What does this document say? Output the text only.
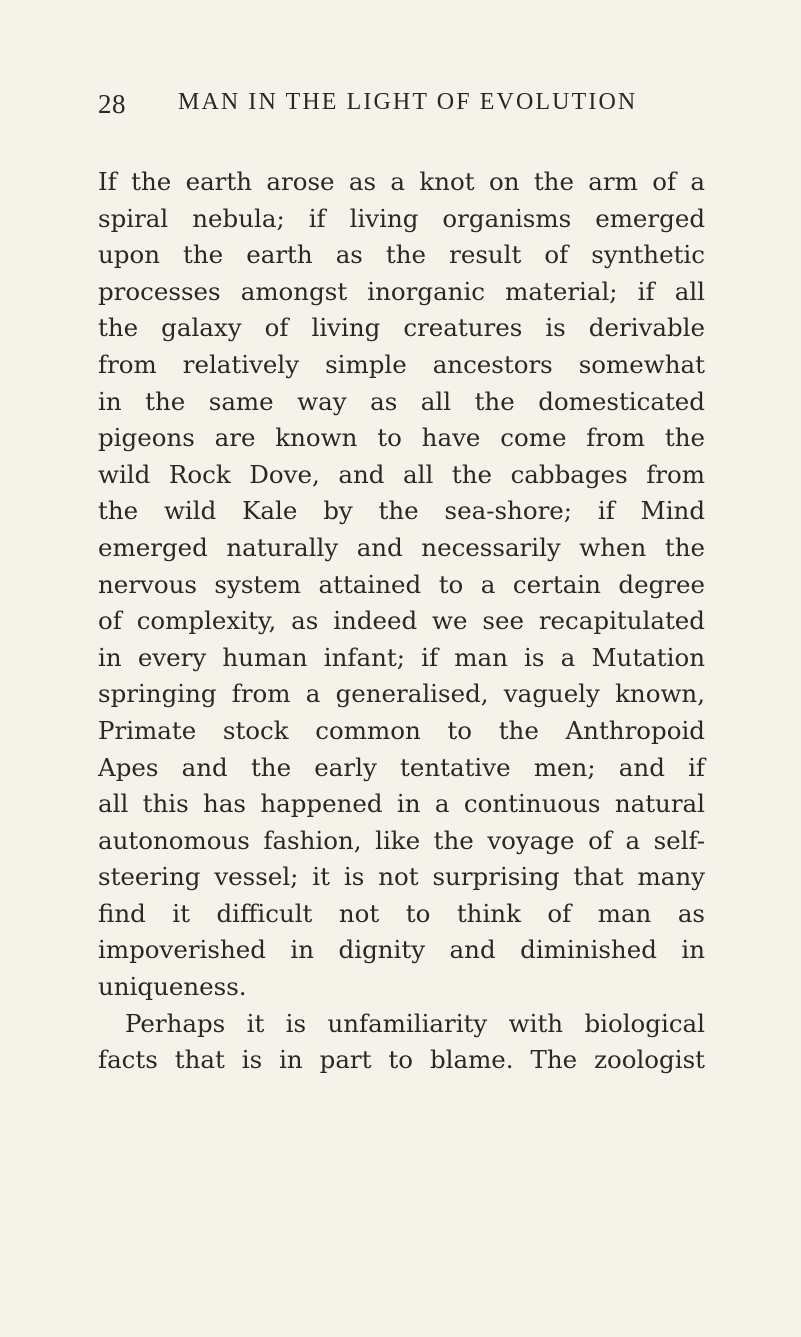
28 MAN IN THE LIGHT OF EVOLUTION
If the earth arose as a knot on the arm of a
spiral nebula; if living organisms emerged
upon the earth as the result of synthetic
processes amongst inorganic material; if all
the galaxy of living creatures is derivable
from relatively simple ancestors somewhat
in the same way as all the domesticated
pigeons are known to have come from the
wild Rock Dove, and all the cabbages from
the wild Kale by the sea-shore; if Mind
emerged naturally and necessarily when the
nervous system attained to a certain degree
of complexity, as indeed we see recapitulated
in every human infant; if man is a Mutation
springing from a generalised, vaguely known,
Primate stock common to the Anthropoid
Apes and the early tentative men; and if
all this has happened in a continuous natural
autonomous fashion, like the voyage of a self-
steering vessel; it is not surprising that many
find it difficult not to think of man as
impoverished in dignity and diminished in
uniqueness.
Perhaps it is unfamiliarity with biological
facts that is in part to blame. The zoologist
